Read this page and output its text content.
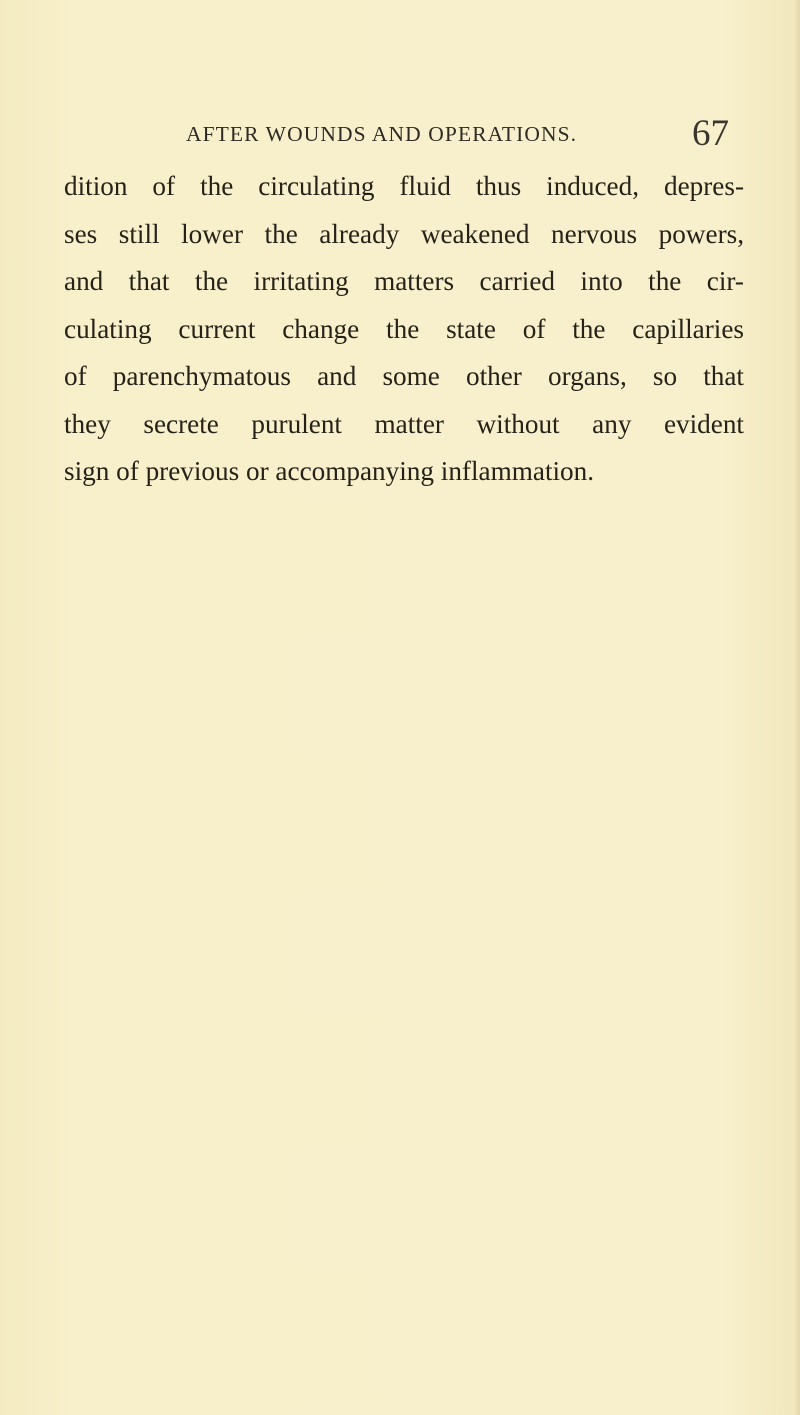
AFTER WOUNDS AND OPERATIONS.	67
dition of the circulating fluid thus induced, depres-
ses still lower the already weakened nervous powers,
and that the irritating matters carried into the cir-
culating current change the state of the capillaries
of parenchymatous and some other organs, so that
they secrete purulent matter without any evident
sign of previous or accompanying inflammation.
